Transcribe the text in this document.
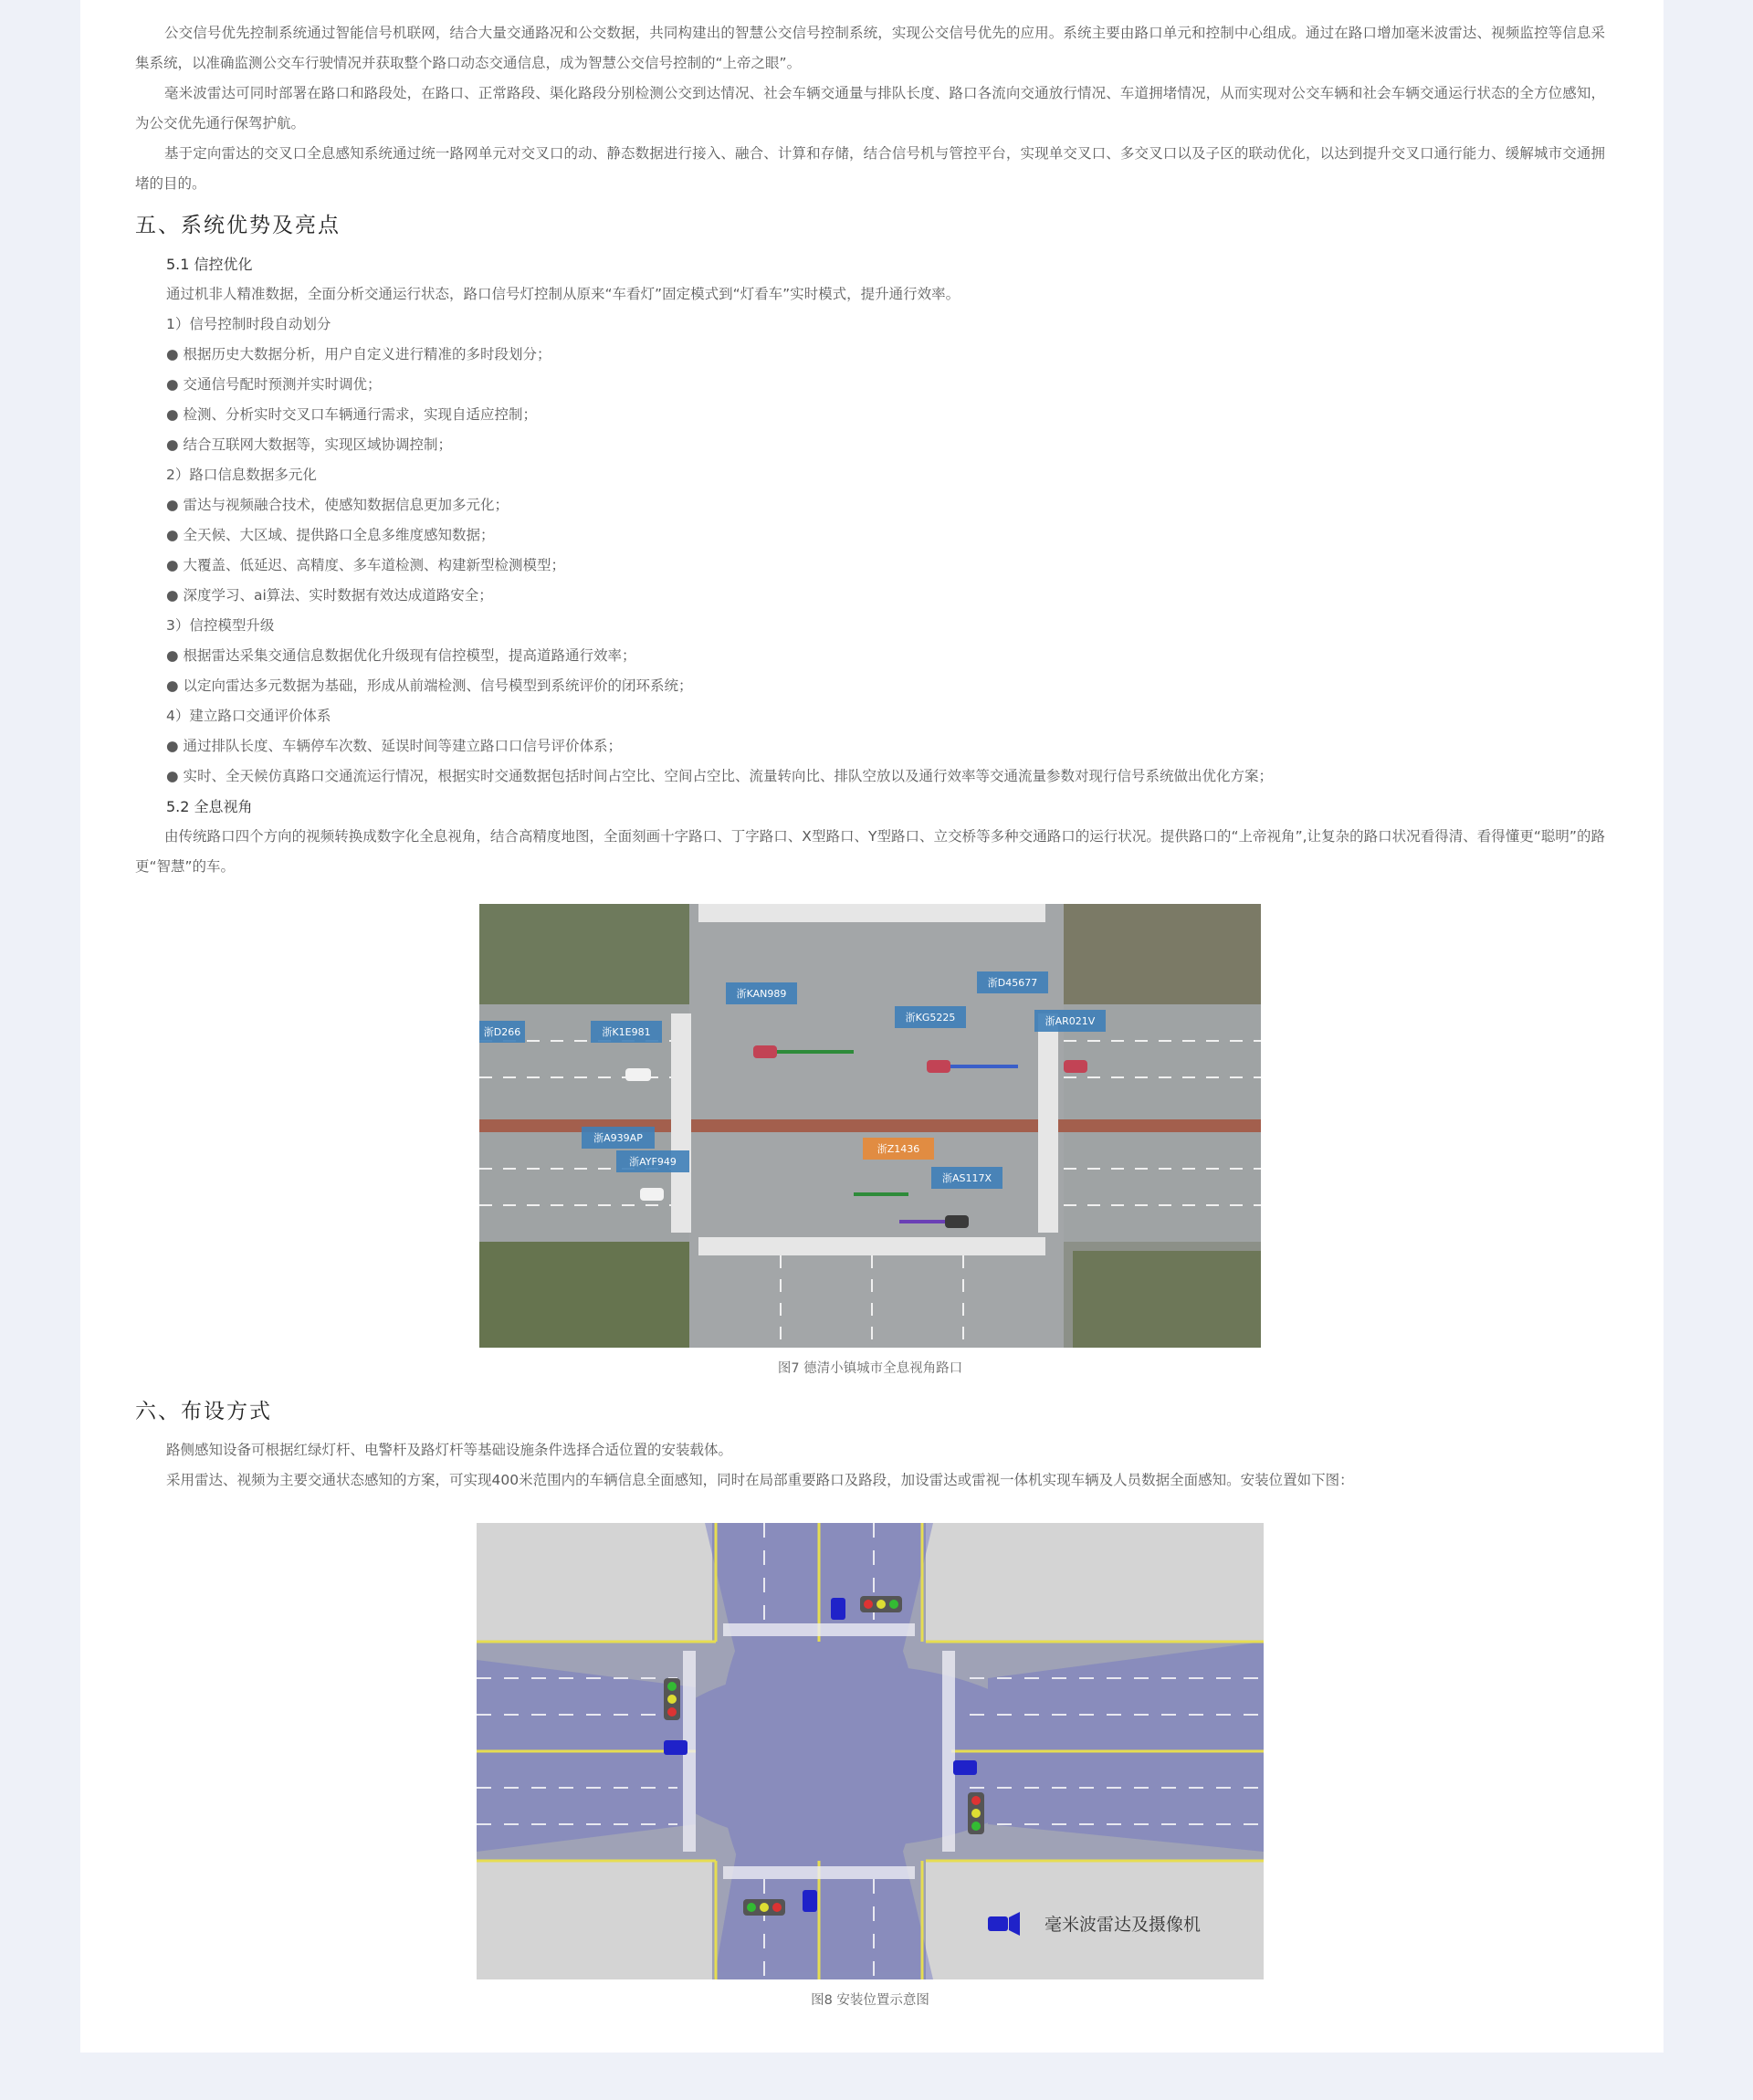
公交信号优先控制系统通过智能信号机联网，结合大量交通路况和公交数据，共同构建出的智慧公交信号控制系统，实现公交信号优先的应用。系统主要由路口单元和控制中心组成。通过在路口增加毫米波雷达、视频监控等信息采集系统，以准确监测公交车行驶情况并获取整个路口动态交通信息，成为智慧公交信号控制的“上帝之眼”。

毫米波雷达可同时部署在路口和路段处，在路口、正常路段、渠化路段分别检测公交到达情况、社会车辆交通量与排队长度、路口各流向交通放行情况、车道拥堵情况，从而实现对公交车辆和社会车辆交通运行状态的全方位感知，为公交优先通行保驾护航。

基于定向雷达的交叉口全息感知系统通过统一路网单元对交叉口的动、静态数据进行接入、融合、计算和存储，结合信号机与管控平台，实现单交叉口、多交叉口以及子区的联动优化，以达到提升交叉口通行能力、缓解城市交通拥堵的目的。

五、系统优势及亮点
5.1 信控优化

通过机非人精准数据，全面分析交通运行状态，路口信号灯控制从原来“车看灯”固定模式到“灯看车”实时模式，提升通行效率。

1）信号控制时段自动划分

● 根据历史大数据分析，用户自定义进行精准的多时段划分；

● 交通信号配时预测并实时调优；

● 检测、分析实时交叉口车辆通行需求，实现自适应控制；

● 结合互联网大数据等，实现区域协调控制；

2）路口信息数据多元化

● 雷达与视频融合技术，使感知数据信息更加多元化；

● 全天候、大区域、提供路口全息多维度感知数据；

● 大覆盖、低延迟、高精度、多车道检测、构建新型检测模型；

● 深度学习、ai算法、实时数据有效达成道路安全；

3）信控模型升级

● 根据雷达采集交通信息数据优化升级现有信控模型，提高道路通行效率；

● 以定向雷达多元数据为基础，形成从前端检测、信号模型到系统评价的闭环系统；

4）建立路口交通评价体系

● 通过排队长度、车辆停车次数、延误时间等建立路口口信号评价体系；

● 实时、全天候仿真路口交通流运行情况，根据实时交通数据包括时间占空比、空间占空比、流量转向比、排队空放以及通行效率等交通流量参数对现行信号系统做出优化方案；

5.2 全息视角

由传统路口四个方向的视频转换成数字化全息视角，结合高精度地图，全面刻画十字路口、丁字路口、X型路口、Y型路口、立交桥等多种交通路口的运行状况。提供路口的“上帝视角”,让复杂的路口状况看得清、看得懂更“聪明”的路 更“智慧”的车。

浙KAN989
浙D45677
浙KG5225	浙AR021V
浙K1E981
浙A939AP
浙AYF949
浙Z1436
浙AS117X
浙D266

图7 德清小镇城市全息视角路口

六、布设方式

路侧感知设备可根据红绿灯杆、电警杆及路灯杆等基础设施条件选择合适位置的安装载体。

采用雷达、视频为主要交通状态感知的方案，可实现400米范围内的车辆信息全面感知，同时在局部重要路口及路段，加设雷达或雷视一体机实现车辆及人员数据全面感知。安装位置如下图：

毫米波雷达及摄像机

图8 安装位置示意图
